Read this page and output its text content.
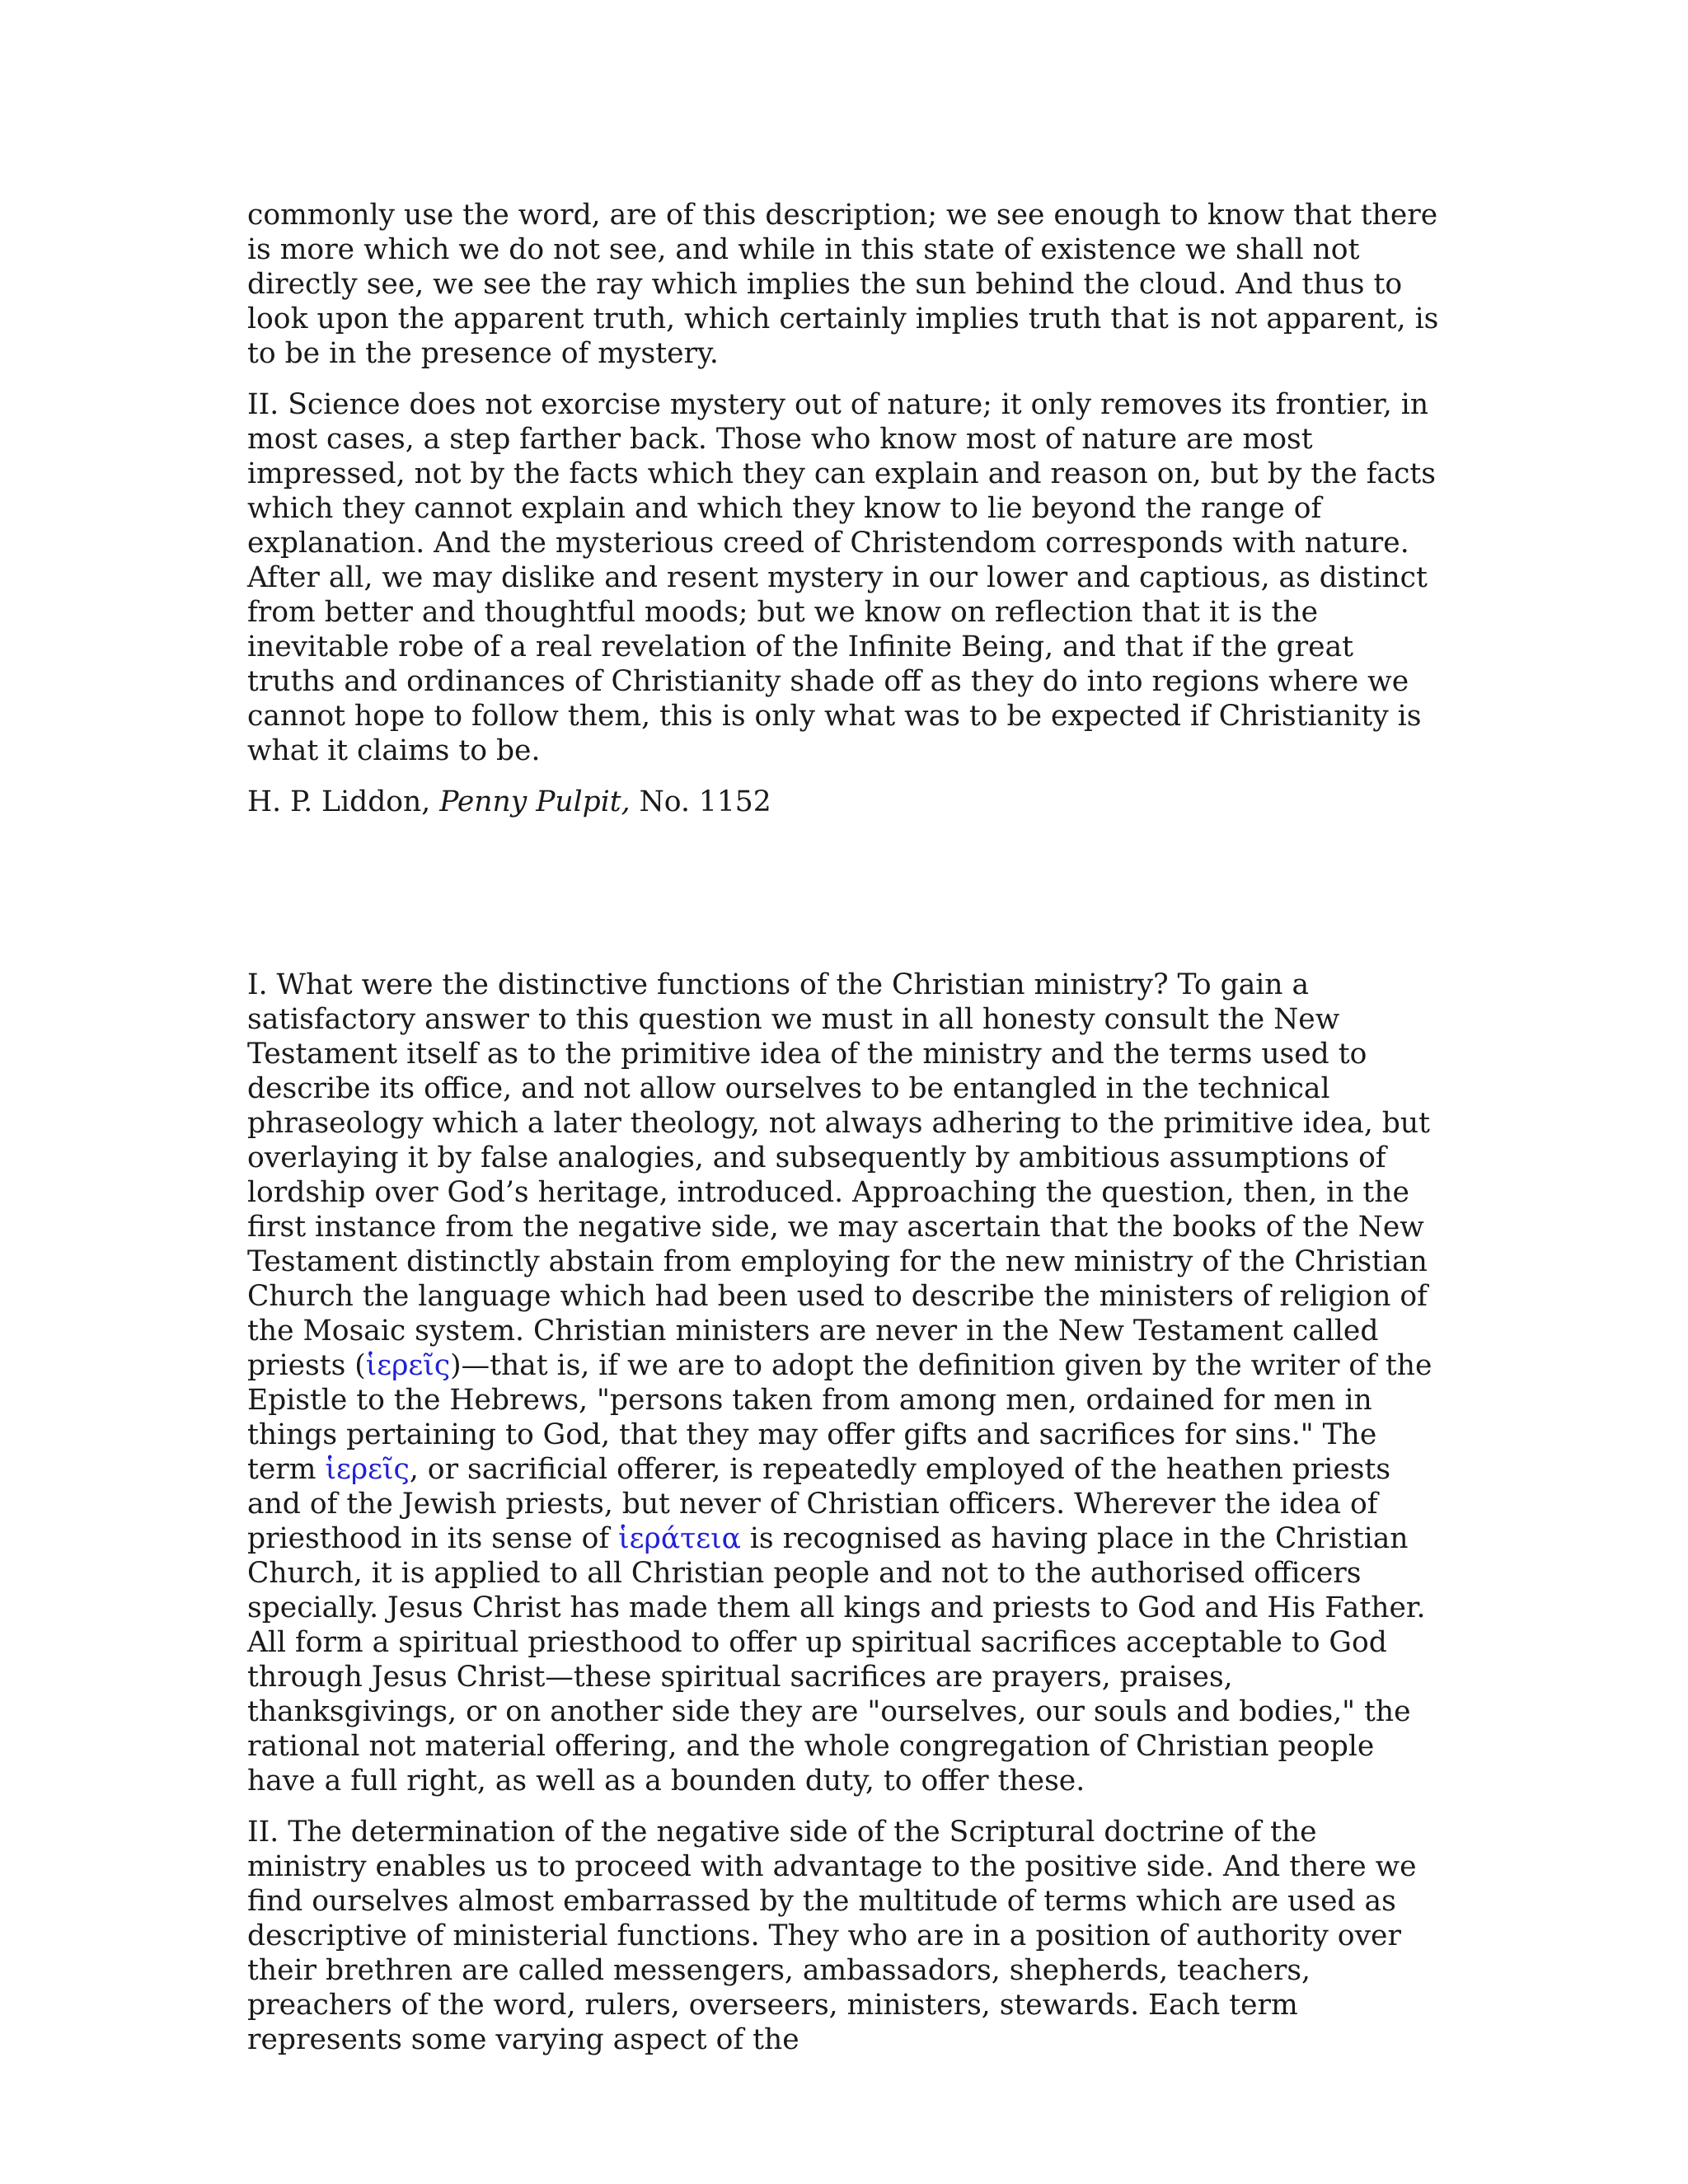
commonly use the word, are of this description; we see enough to know that there is more which we do not see, and while in this state of existence we shall not directly see, we see the ray which implies the sun behind the cloud. And thus to look upon the apparent truth, which certainly implies truth that is not apparent, is to be in the presence of mystery.

II. Science does not exorcise mystery out of nature; it only removes its frontier, in most cases, a step farther back. Those who know most of nature are most impressed, not by the facts which they can explain and reason on, but by the facts which they cannot explain and which they know to lie beyond the range of explanation. And the mysterious creed of Christendom corresponds with nature. After all, we may dislike and resent mystery in our lower and captious, as distinct from better and thoughtful moods; but we know on reflection that it is the inevitable robe of a real revelation of the Infinite Being, and that if the great truths and ordinances of Christianity shade off as they do into regions where we cannot hope to follow them, this is only what was to be expected if Christianity is what it claims to be.

H. P. Liddon, Penny Pulpit, No. 1152

I. What were the distinctive functions of the Christian ministry? To gain a satisfactory answer to this question we must in all honesty consult the New Testament itself as to the primitive idea of the ministry and the terms used to describe its office, and not allow ourselves to be entangled in the technical phraseology which a later theology, not always adhering to the primitive idea, but overlaying it by false analogies, and subsequently by ambitious assumptions of lordship over God’s heritage, introduced. Approaching the question, then, in the first instance from the negative side, we may ascertain that the books of the New Testament distinctly abstain from employing for the new ministry of the Christian Church the language which had been used to describe the ministers of religion of the Mosaic system. Christian ministers are never in the New Testament called priests (ἱερεῖς)—that is, if we are to adopt the definition given by the writer of the Epistle to the Hebrews, "persons taken from among men, ordained for men in things pertaining to God, that they may offer gifts and sacrifices for sins." The term ἱερεῖς, or sacrificial offerer, is repeatedly employed of the heathen priests and of the Jewish priests, but never of Christian officers. Wherever the idea of priesthood in its sense of ἱεράτεια is recognised as having place in the Christian Church, it is applied to all Christian people and not to the authorised officers specially. Jesus Christ has made them all kings and priests to God and His Father. All form a spiritual priesthood to offer up spiritual sacrifices acceptable to God through Jesus Christ—these spiritual sacrifices are prayers, praises, thanksgivings, or on another side they are "ourselves, our souls and bodies," the rational not material offering, and the whole congregation of Christian people have a full right, as well as a bounden duty, to offer these.

II. The determination of the negative side of the Scriptural doctrine of the ministry enables us to proceed with advantage to the positive side. And there we find ourselves almost embarrassed by the multitude of terms which are used as descriptive of ministerial functions. They who are in a position of authority over their brethren are called messengers, ambassadors, shepherds, teachers, preachers of the word, rulers, overseers, ministers, stewards. Each term represents some varying aspect of the
